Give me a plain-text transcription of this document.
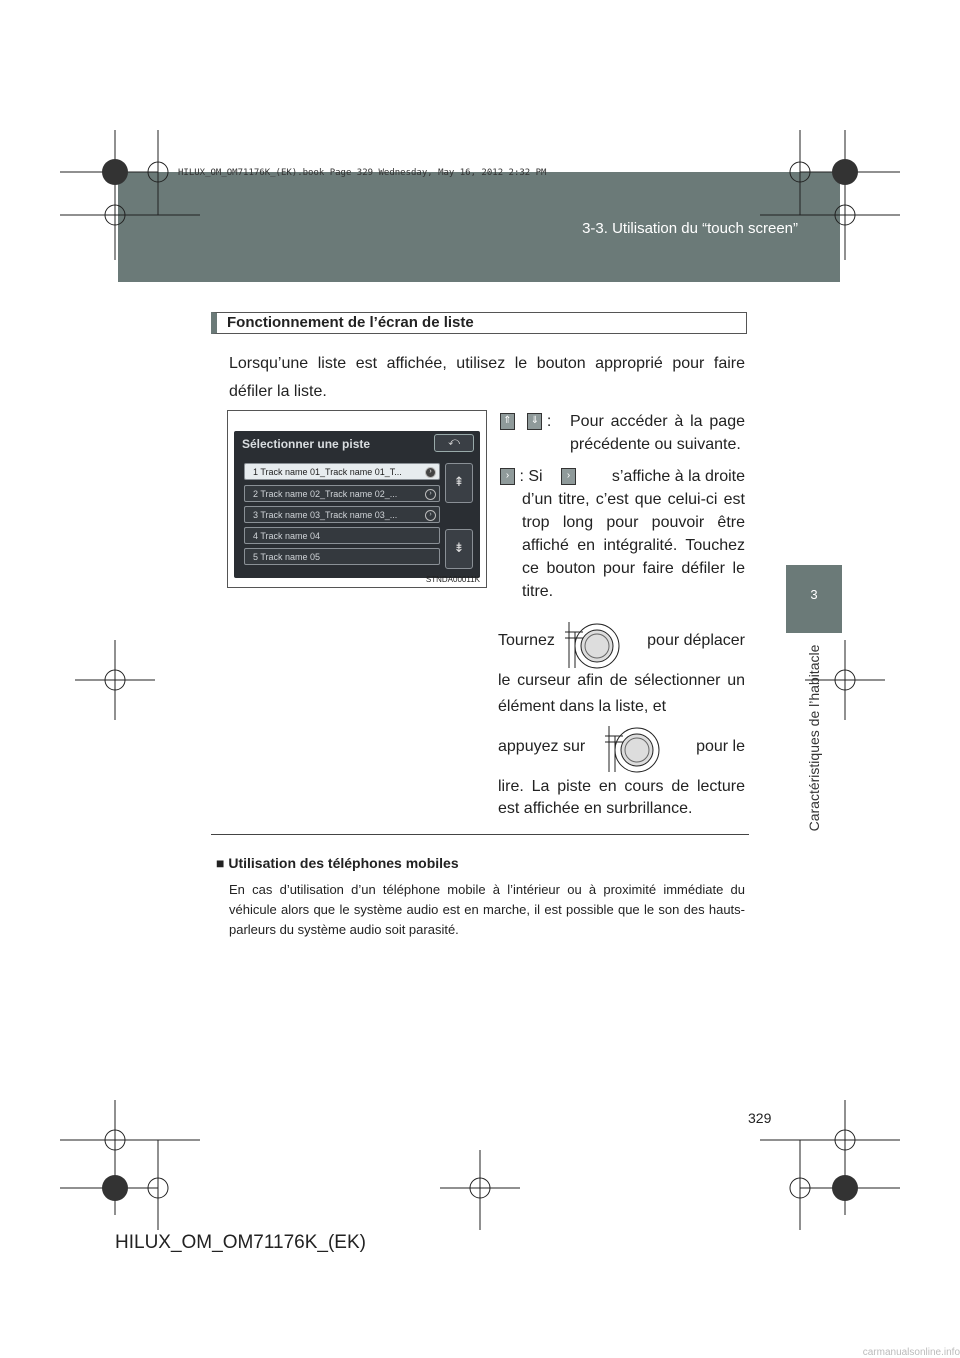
HILUX_OM_OM71176K_(EK).book Page 329 Wednesday, May 16, 2012 2:32 PM
3-3. Utilisation du “touch screen”
3
Caractéristiques de l’habitacle
Fonctionnement de l’écran de liste
Lorsqu’une liste est affichée, utilisez le bouton approprié pour faire défiler la liste.
Sélectionner une piste	⤺
1 Track name 01_Track name 01_T...	›
2 Track name 02_Track name 02_...	›
3 Track name 03_Track name 03_...	›
4 Track name 04
5 Track name 05
⇞
⇟
STNDA00011K
⇑ ⇓ :	Pour accéder à la page précédente ou suivante.
› : Si ›	s’affiche à la droite
d’un titre, c’est que celui-ci est trop long pour pouvoir être affiché en intégralité. Touchez ce bouton pour faire défiler le titre.
Tournez	pour déplacer
le curseur afin de sélectionner un élément dans la liste, et
appuyez sur	pour le
lire. La piste en cours de lecture est affichée en surbrillance.
■ Utilisation des téléphones mobiles
En cas d’utilisation d’un téléphone mobile à l’intérieur ou à proximité immédiate du véhicule alors que le système audio est en marche, il est possible que le son des hauts-parleurs du système audio soit parasité.
329
HILUX_OM_OM71176K_(EK)
carmanualsonline.info
